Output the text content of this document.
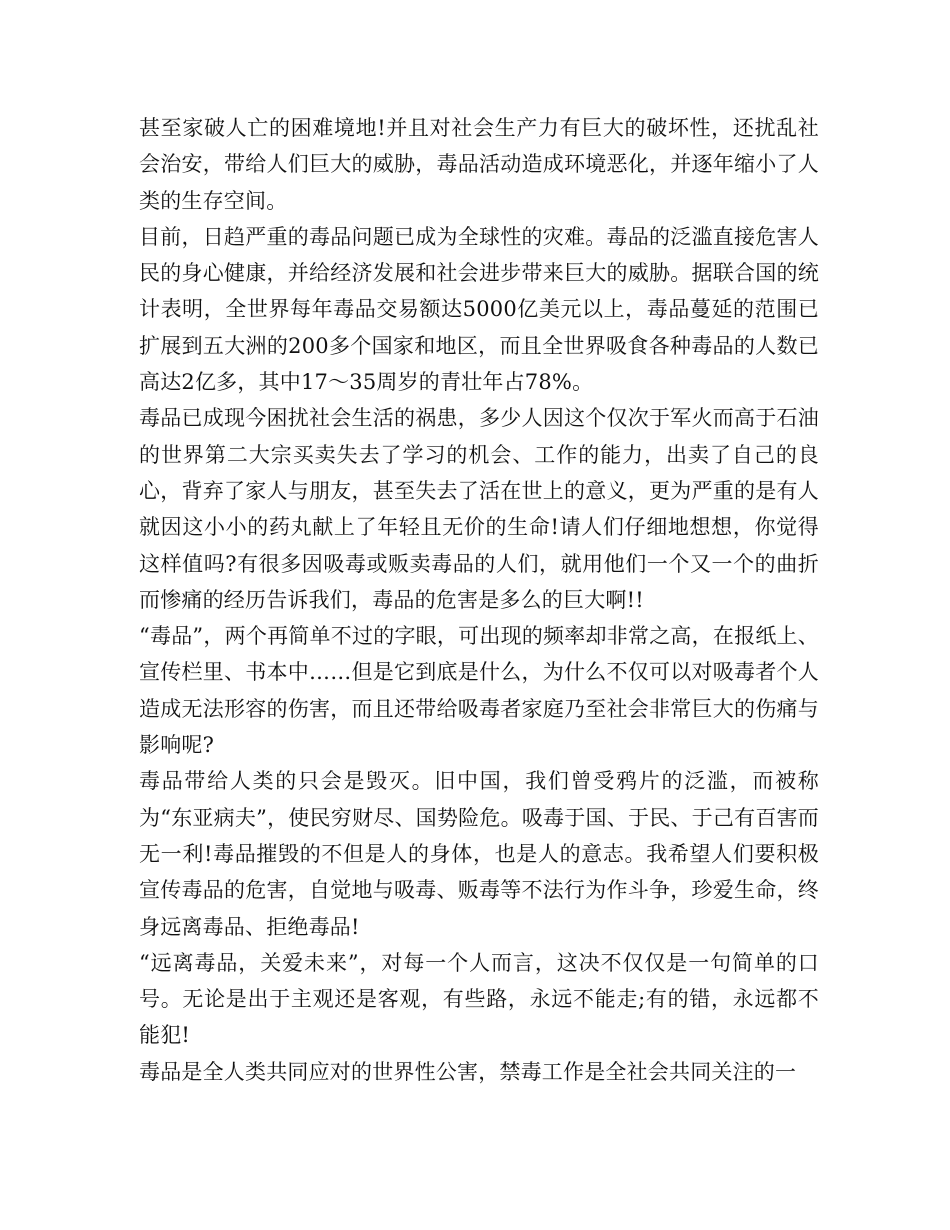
甚至家破人亡的困难境地!并且对社会生产力有巨大的破坏性，还扰乱社会治安，带给人们巨大的威胁，毒品活动造成环境恶化，并逐年缩小了人类的生存空间。

目前，日趋严重的毒品问题已成为全球性的灾难。毒品的泛滥直接危害人民的身心健康，并给经济发展和社会进步带来巨大的威胁。据联合国的统计表明，全世界每年毒品交易额达5000亿美元以上，毒品蔓延的范围已扩展到五大洲的200多个国家和地区，而且全世界吸食各种毒品的人数已高达2亿多，其中17～35周岁的青壮年占78%。

毒品已成现今困扰社会生活的祸患，多少人因这个仅次于军火而高于石油的世界第二大宗买卖失去了学习的机会、工作的能力，出卖了自己的良心，背弃了家人与朋友，甚至失去了活在世上的意义，更为严重的是有人就因这小小的药丸献上了年轻且无价的生命!请人们仔细地想想，你觉得这样值吗?有很多因吸毒或贩卖毒品的人们，就用他们一个又一个的曲折而惨痛的经历告诉我们，毒品的危害是多么的巨大啊!!

“毒品”，两个再简单不过的字眼，可出现的频率却非常之高，在报纸上、宣传栏里、书本中……但是它到底是什么，为什么不仅可以对吸毒者个人造成无法形容的伤害，而且还带给吸毒者家庭乃至社会非常巨大的伤痛与影响呢?

毒品带给人类的只会是毁灭。旧中国，我们曾受鸦片的泛滥，而被称为“东亚病夫”，使民穷财尽、国势险危。吸毒于国、于民、于己有百害而无一利!毒品摧毁的不但是人的身体，也是人的意志。我希望人们要积极宣传毒品的危害，自觉地与吸毒、贩毒等不法行为作斗争，珍爱生命，终身远离毒品、拒绝毒品!

“远离毒品，关爱未来”，对每一个人而言，这决不仅仅是一句简单的口号。无论是出于主观还是客观，有些路，永远不能走;有的错，永远都不能犯!

毒品是全人类共同应对的世界性公害，禁毒工作是全社会共同关注的一
